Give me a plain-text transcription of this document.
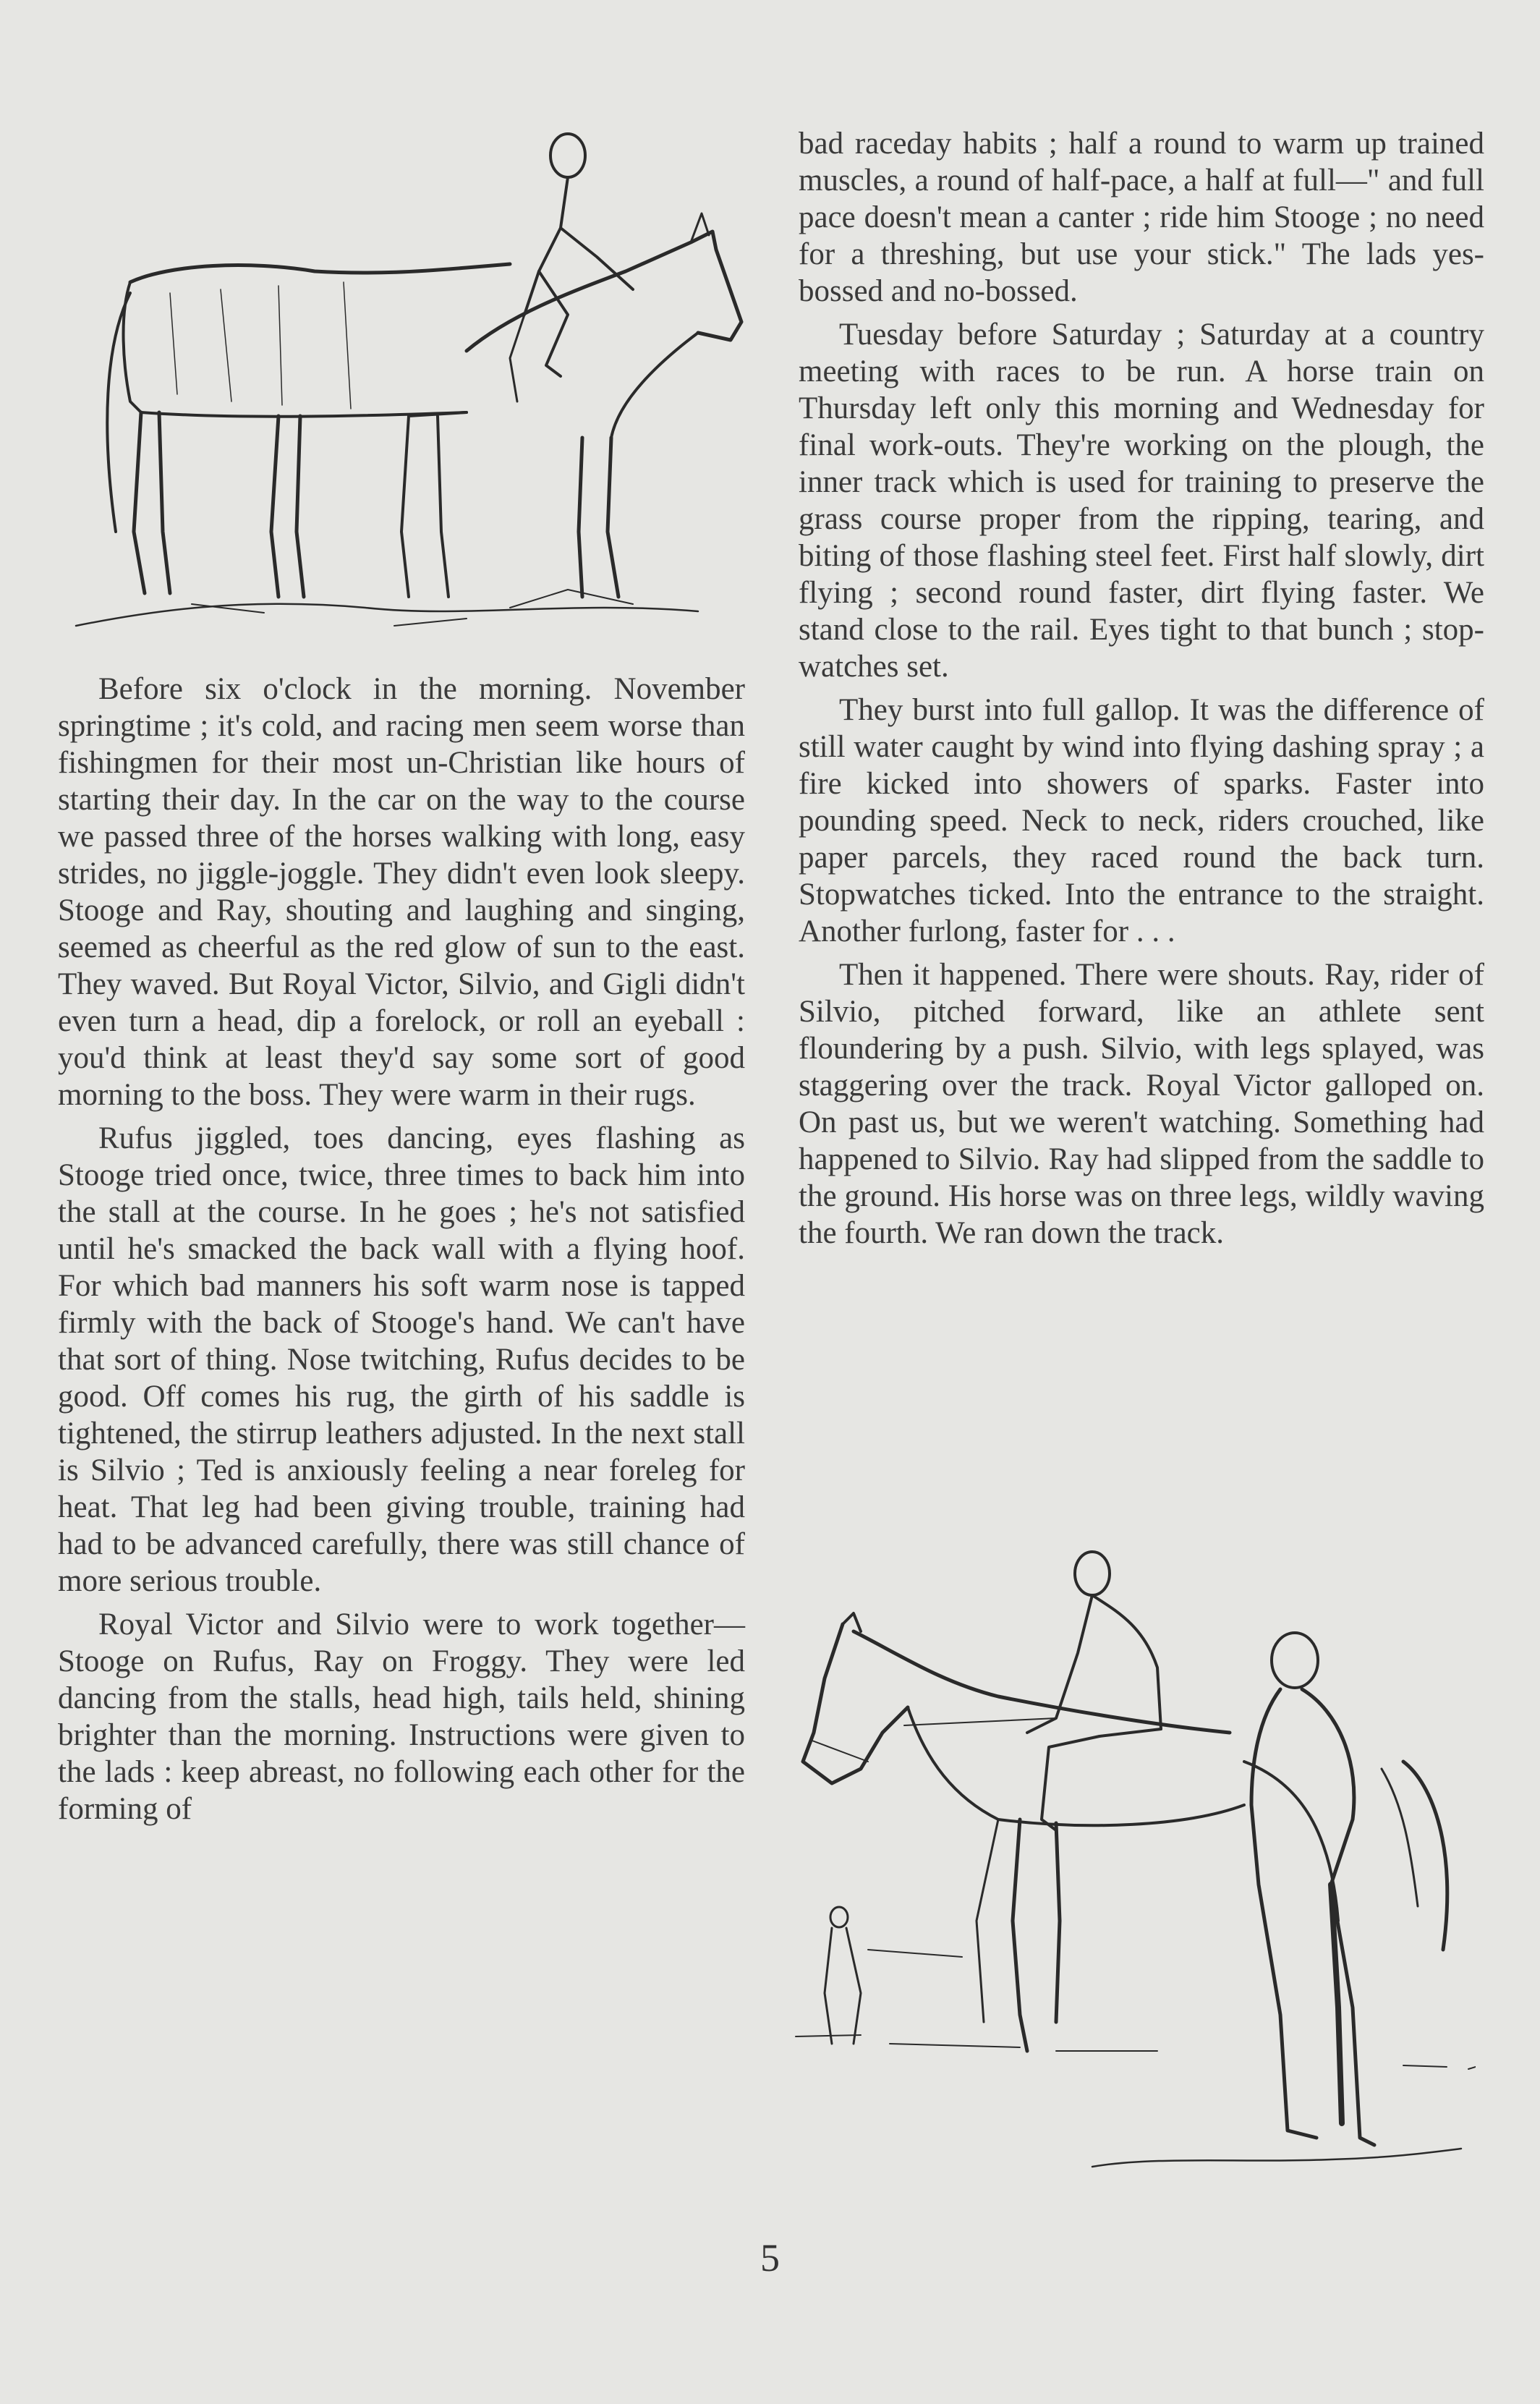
Before six o'clock in the morning. November springtime ; it's cold, and racing men seem worse than fishingmen for their most un-Christian like hours of starting their day. In the car on the way to the course we passed three of the horses walking with long, easy strides, no jiggle-joggle. They didn't even look sleepy. Stooge and Ray, shouting and laughing and singing, seemed as cheerful as the red glow of sun to the east. They waved. But Royal Victor, Silvio, and Gigli didn't even turn a head, dip a forelock, or roll an eyeball : you'd think at least they'd say some sort of good morning to the boss. They were warm in their rugs.

Rufus jiggled, toes dancing, eyes flashing as Stooge tried once, twice, three times to back him into the stall at the course. In he goes ; he's not satisfied until he's smacked the back wall with a flying hoof. For which bad manners his soft warm nose is tapped firmly with the back of Stooge's hand. We can't have that sort of thing. Nose twitching, Rufus decides to be good. Off comes his rug, the girth of his saddle is tightened, the stirrup leathers adjusted. In the next stall is Silvio ; Ted is anxiously feeling a near foreleg for heat. That leg had been giving trouble, training had had to be advanced carefully, there was still chance of more serious trouble.

Royal Victor and Silvio were to work together—Stooge on Rufus, Ray on Froggy. They were led dancing from the stalls, head high, tails held, shining brighter than the morning. Instructions were given to the lads : keep abreast, no following each other for the forming of

bad raceday habits ; half a round to warm up trained muscles, a round of half-pace, a half at full—" and full pace doesn't mean a canter ; ride him Stooge ; no need for a threshing, but use your stick." The lads yes-bossed and no-bossed.

Tuesday before Saturday ; Saturday at a country meeting with races to be run. A horse train on Thursday left only this morning and Wednesday for final work-outs. They're working on the plough, the inner track which is used for training to preserve the grass course proper from the ripping, tearing, and biting of those flashing steel feet. First half slowly, dirt flying ; second round faster, dirt flying faster. We stand close to the rail. Eyes tight to that bunch ; stop-watches set.

They burst into full gallop. It was the difference of still water caught by wind into flying dashing spray ; a fire kicked into showers of sparks. Faster into pounding speed. Neck to neck, riders crouched, like paper parcels, they raced round the back turn. Stopwatches ticked. Into the entrance to the straight. Another furlong, faster for . . .

Then it happened. There were shouts. Ray, rider of Silvio, pitched forward, like an athlete sent floundering by a push. Silvio, with legs splayed, was staggering over the track. Royal Victor galloped on. On past us, but we weren't watching. Something had happened to Silvio. Ray had slipped from the saddle to the ground. His horse was on three legs, wildly waving the fourth. We ran down the track.

5
